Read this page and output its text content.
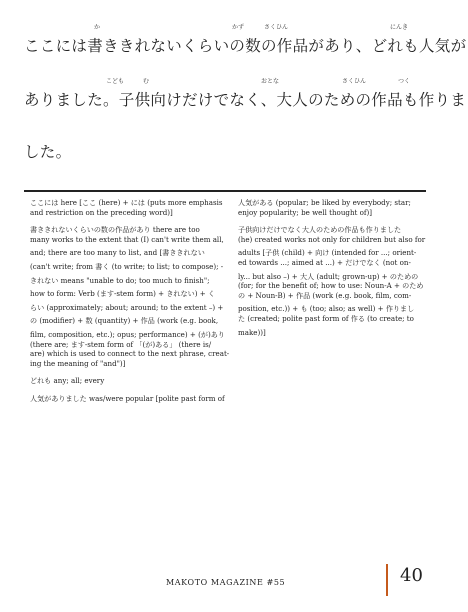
か	かず	さくひん	にんき
ここには書ききれないくらいの数の作品があり、どれも人気が
こども	む	おとな	さくひん	つく
ありました。子供向けだけでなく、大人のための作品も作りま
した。
ここには here [ここ (here) + には (puts more emphasis
and restriction on the preceding word)]
書ききれないくらいの数の作品があり there are too
many works to the extent that (I) can't write them all,
and; there are too many to list, and [書ききれない
(can't write; from 書く (to write; to list; to compose); -
きれない means "unable to do; too much to finish";
how to form: Verb (ます-stem form) + きれない) + く
らい (approximately; about; around; to the extent –) +
の (modifier) + 数 (quantity) + 作品 (work (e.g. book,
film, composition, etc.); opus; performance) + (が)あり
(there are; ます-stem form of 「(が)ある」 (there is/
are) which is used to connect to the next phrase, creat-
ing the meaning of "and")]
どれも any; all; every
人気がありました was/were popular [polite past form of
人気がある (popular; be liked by everybody; star;
enjoy popularity; be well thought of)]
子供向けだけでなく大人のための作品も作りました
(he) created works not only for children but also for
adults [子供 (child) + 向け (intended for ...; orient-
ed towards ...; aimed at ...) + だけでなく (not on-
ly... but also –) + 大人 (adult; grown-up) + のための
(for; for the benefit of; how to use: Noun-A + のため
の + Noun-B) + 作品 (work (e.g. book, film, com-
position, etc.)) + も (too; also; as well) + 作りまし
た (created; polite past form of 作る (to create; to
make))]
MAKOTO MAGAZINE #55	40
